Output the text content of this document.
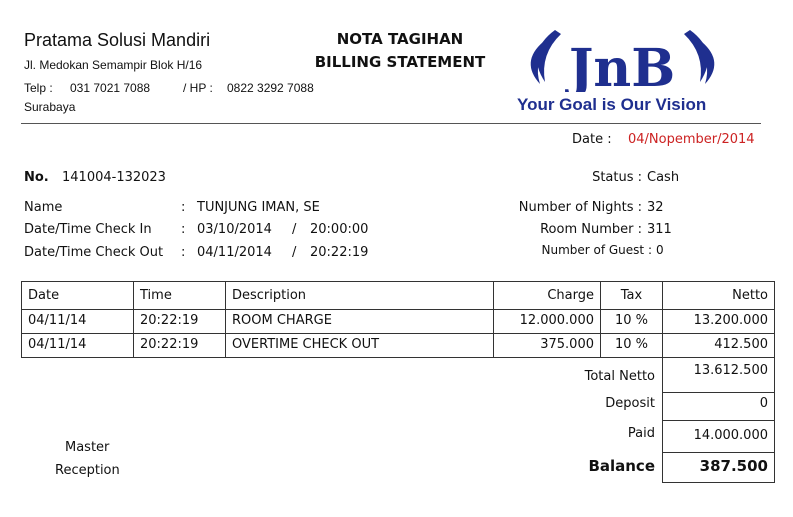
Pratama Solusi Mandiri
Jl. Medokan Semampir Blok H/16
Telp : 031 7021 7088	/ HP : 0822 3292 7088
Surabaya
NOTA TAGIHAN
BILLING STATEMENT JnB
Your Goal is Our Vision
Date : 04/Nopember/2014
No. 141004-132023
Name	: TUNJUNG IMAN, SE
Date/Time Check In : 03/10/2014 / 20:00:00
Date/Time Check Out : 04/11/2014 / 20:22:19
Status : Cash
Number of Nights : 32
Room Number : 311
Number of Guest : 0
Date	Time	Description	Charge	Tax	Netto
04/11/14	20:22:19	ROOM CHARGE	12.000.000	10 %	13.200.000
04/11/14	20:22:19	OVERTIME CHECK OUT	375.000	10 %	412.500
Total Netto	13.612.500
Deposit	0
Paid	14.000.000
Balance	387.500
Master
Reception
